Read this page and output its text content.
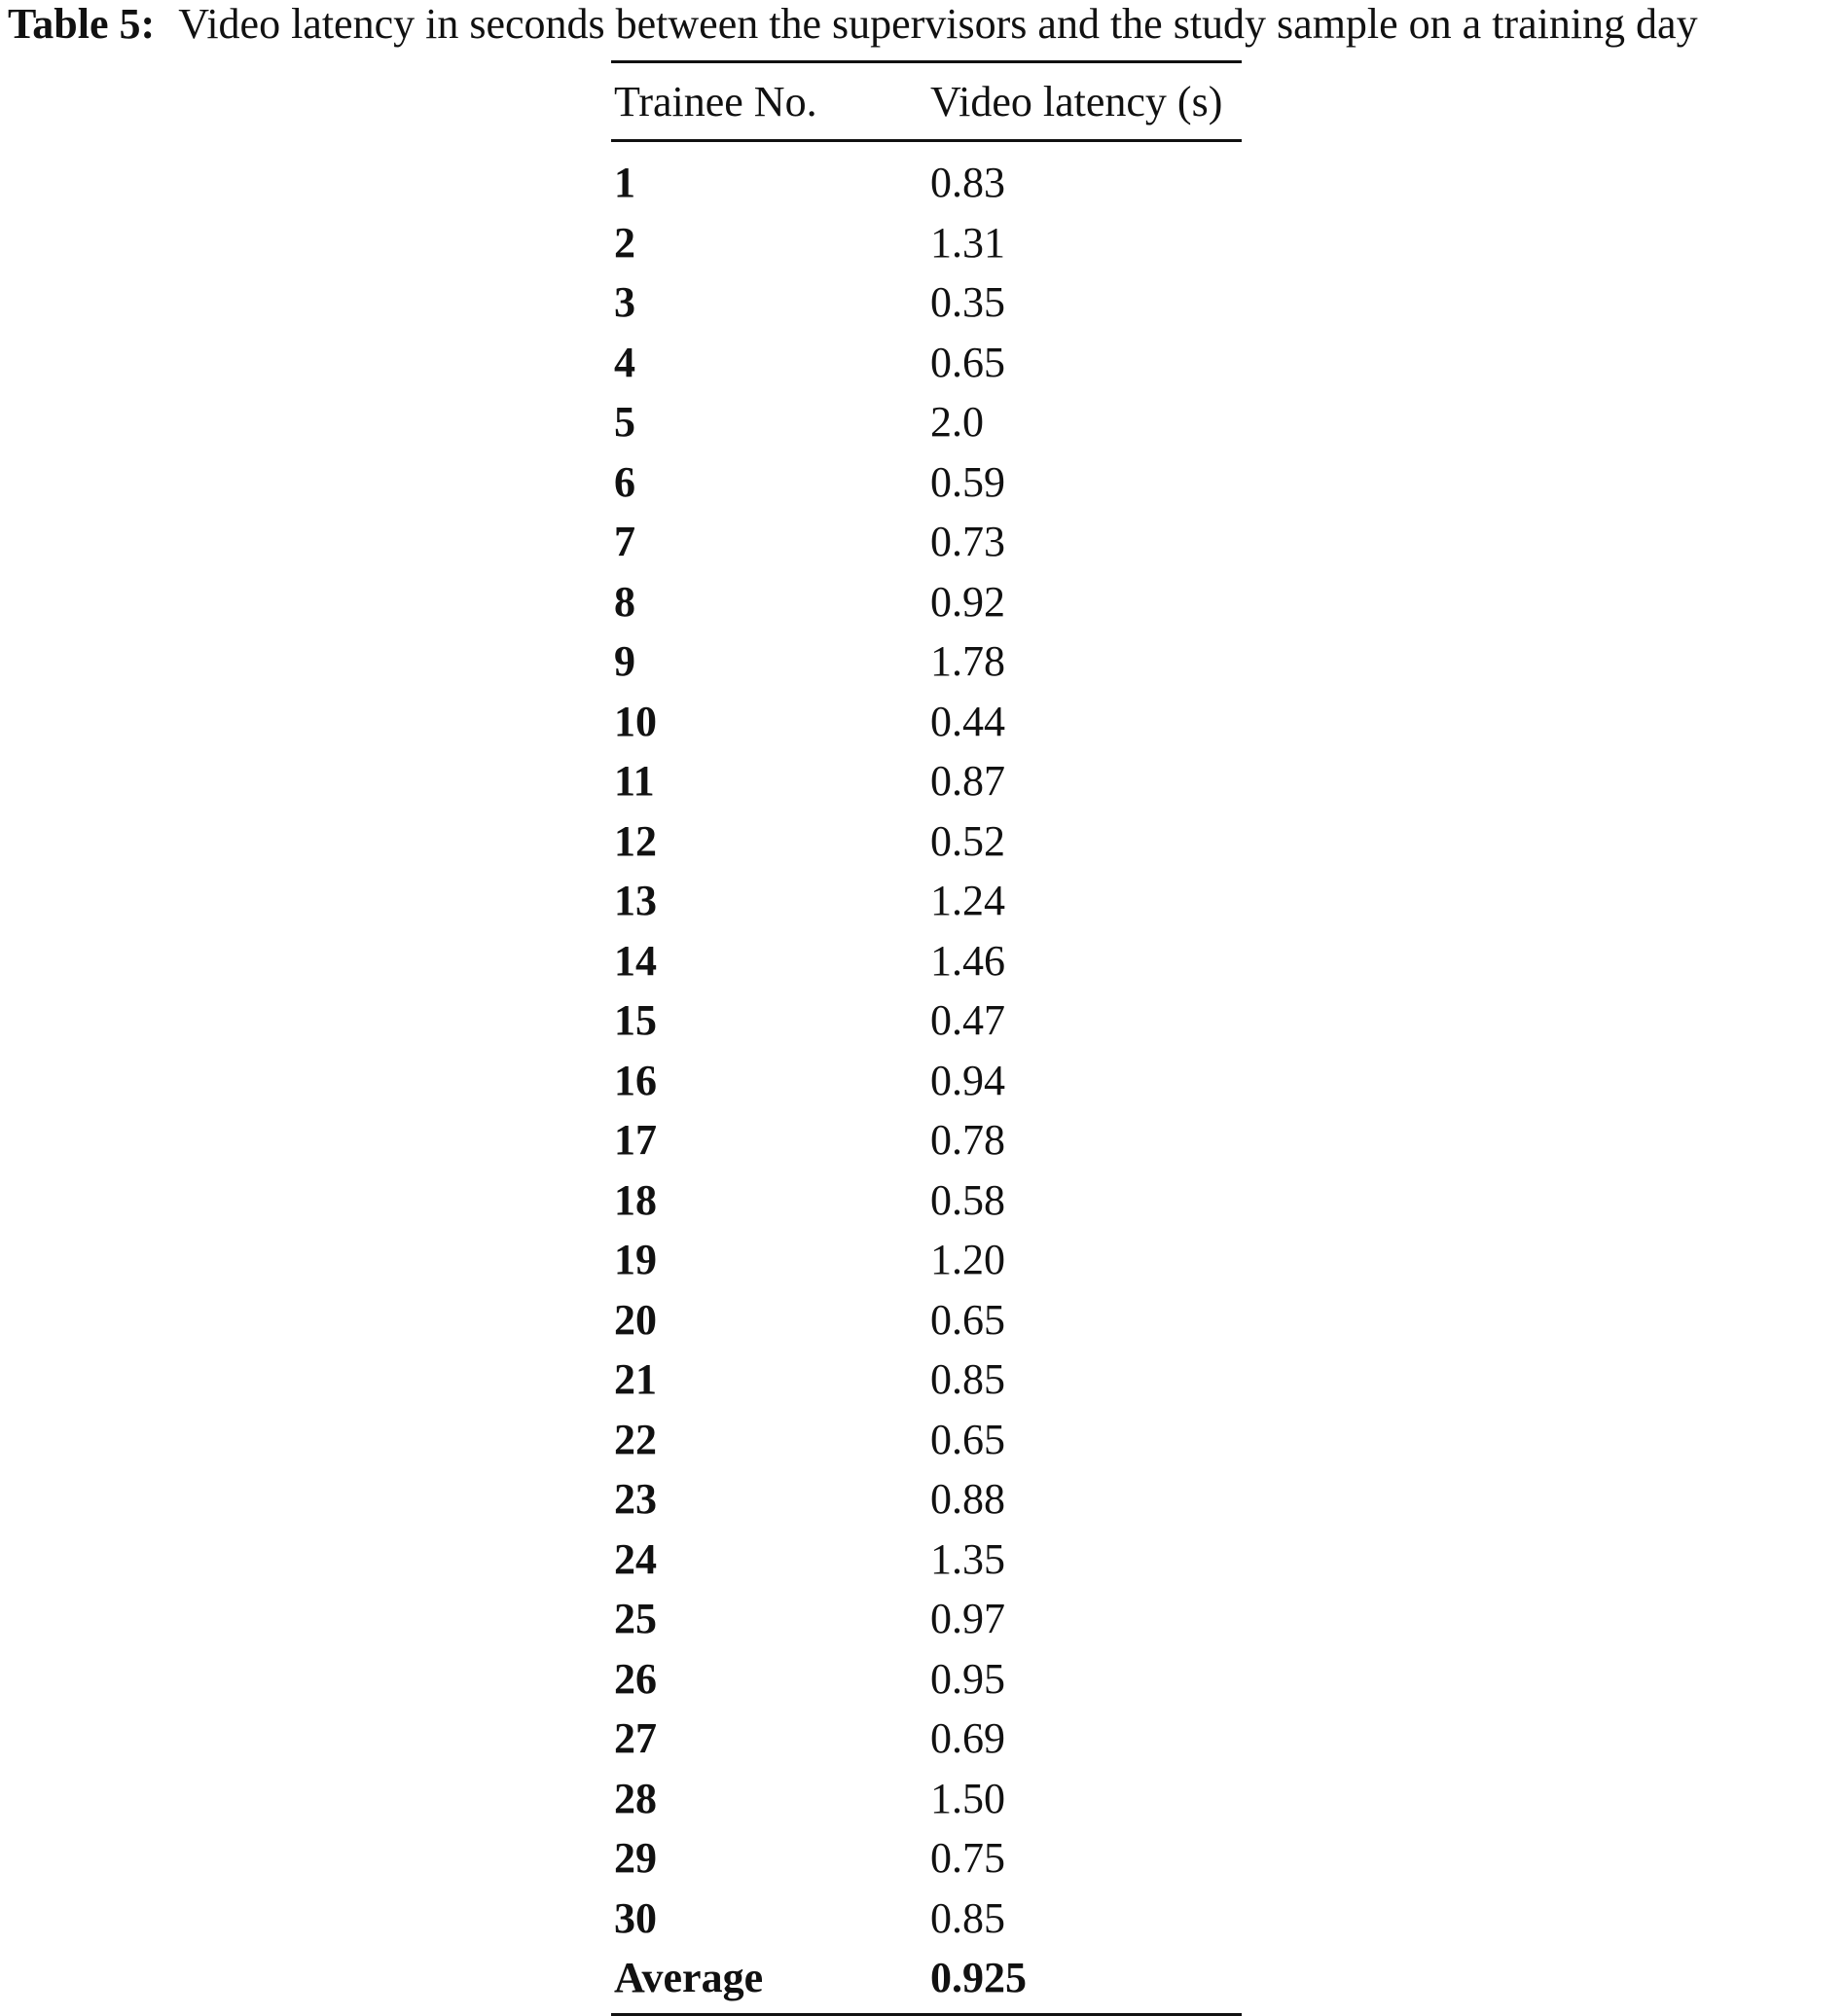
Table 5: Video latency in seconds between the supervisors and the study sample on a training day
Trainee No.	Video latency (s)
1	0.83
2	1.31
3	0.35
4	0.65
5	2.0
6	0.59
7	0.73
8	0.92
9	1.78
10	0.44
11	0.87
12	0.52
13	1.24
14	1.46
15	0.47
16	0.94
17	0.78
18	0.58
19	1.20
20	0.65
21	0.85
22	0.65
23	0.88
24	1.35
25	0.97
26	0.95
27	0.69
28	1.50
29	0.75
30	0.85
Average	0.925
